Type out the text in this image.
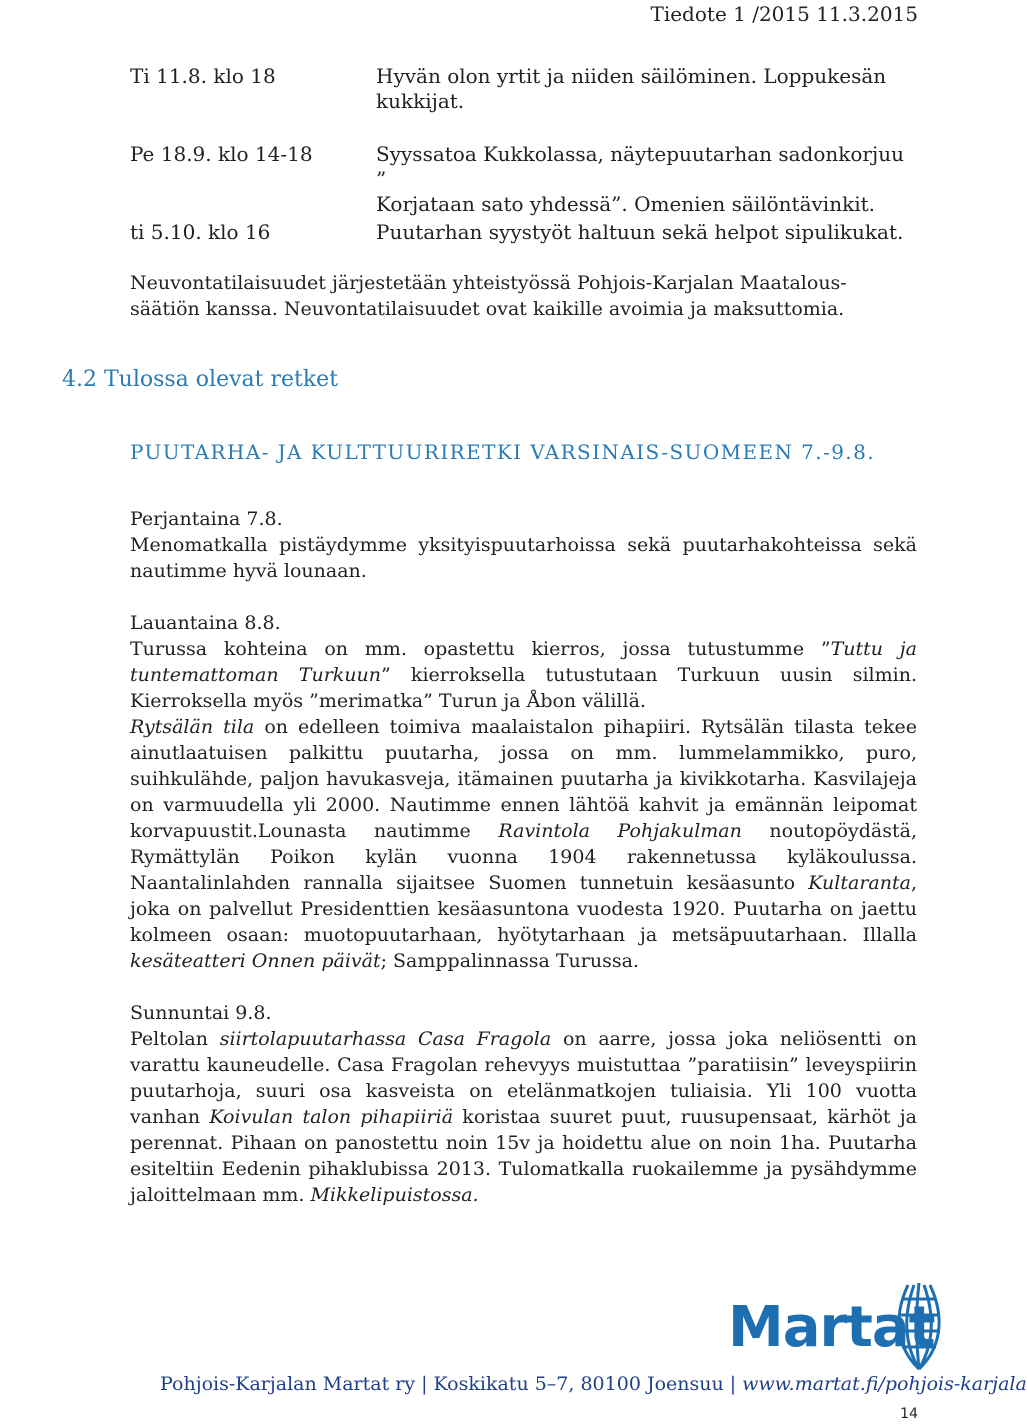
Tiedote 1 /2015 11.3.2015
Ti 11.8. klo 18	Hyvän olon yrtit ja niiden säilöminen. Loppukesän
kukkijat.
Pe 18.9. klo 14-18	Syyssatoa Kukkolassa, näytepuutarhan sadonkorjuu ”
Korjataan sato yhdessä”. Omenien säilöntävinkit.
ti 5.10. klo 16	Puutarhan syystyöt haltuun sekä helpot sipulikukat.
Neuvontatilaisuudet järjestetään yhteistyössä Pohjois-Karjalan Maatalous-
säätiön kanssa. Neuvontatilaisuudet ovat kaikille avoimia ja maksuttomia.
4.2 Tulossa olevat retket
PUUTARHA- JA KULTTUURIRETKI VARSINAIS-SUOMEEN 7.-9.8.

Perjantaina 7.8.

Menomatkalla pistäydymme yksityispuutarhoissa sekä puutarhakohteissa sekä nautimme hyvä lounaan.

Lauantaina 8.8.

Turussa kohteina on mm. opastettu kierros, jossa tutustumme ”Tuttu ja tuntemattoman Turkuun” kierroksella tutustutaan Turkuun uusin silmin. Kierroksella myös ”merimatka” Turun ja Åbon välillä.

Rytsälän tila on edelleen toimiva maalaistalon pihapiiri. Rytsälän tilasta tekee ainutlaatuisen palkittu puutarha, jossa on mm. lummelammikko, puro, suihkulähde, paljon havukasveja, itämainen puutarha ja kivikkotarha. Kasvilajeja on varmuudella yli 2000. Nautimme ennen lähtöä kahvit ja emännän leipomat korvapuustit.Lounasta nautimme Ravintola Pohjakulman noutopöydästä, Rymättylän Poikon kylän vuonna 1904 rakennetussa kyläkoulussa. Naantalinlahden rannalla sijaitsee Suomen tunnetuin kesäasunto Kultaranta, joka on palvellut Presidenttien kesäasuntona vuodesta 1920. Puutarha on jaettu kolmeen osaan: muotopuutarhaan, hyötytarhaan ja metsäpuutarhaan. Illalla kesäteatteri Onnen päivät; Samppalinnassa Turussa.

Sunnuntai 9.8.

Peltolan siirtolapuutarhassa Casa Fragola on aarre, jossa joka neliösentti on varattu kauneudelle. Casa Fragolan rehevyys muistuttaa ”paratiisin” leveyspiirin puutarhoja, suuri osa kasveista on etelänmatkojen tuliaisia. Yli 100 vuotta vanhan Koivulan talon pihapiiriä koristaa suuret puut, ruusupensaat, kärhöt ja perennat. Pihaan on panostettu noin 15v ja hoidettu alue on noin 1ha. Puutarha esiteltiin Eedenin pihaklubissa 2013. Tulomatkalla ruokailemme ja pysähdymme jaloittelmaan mm. Mikkelipuistossa.

Martat
Pohjois-Karjalan Martat ry | Koskikatu 5–7, 80100 Joensuu | www.martat.fi/pohjois-karjala
14
